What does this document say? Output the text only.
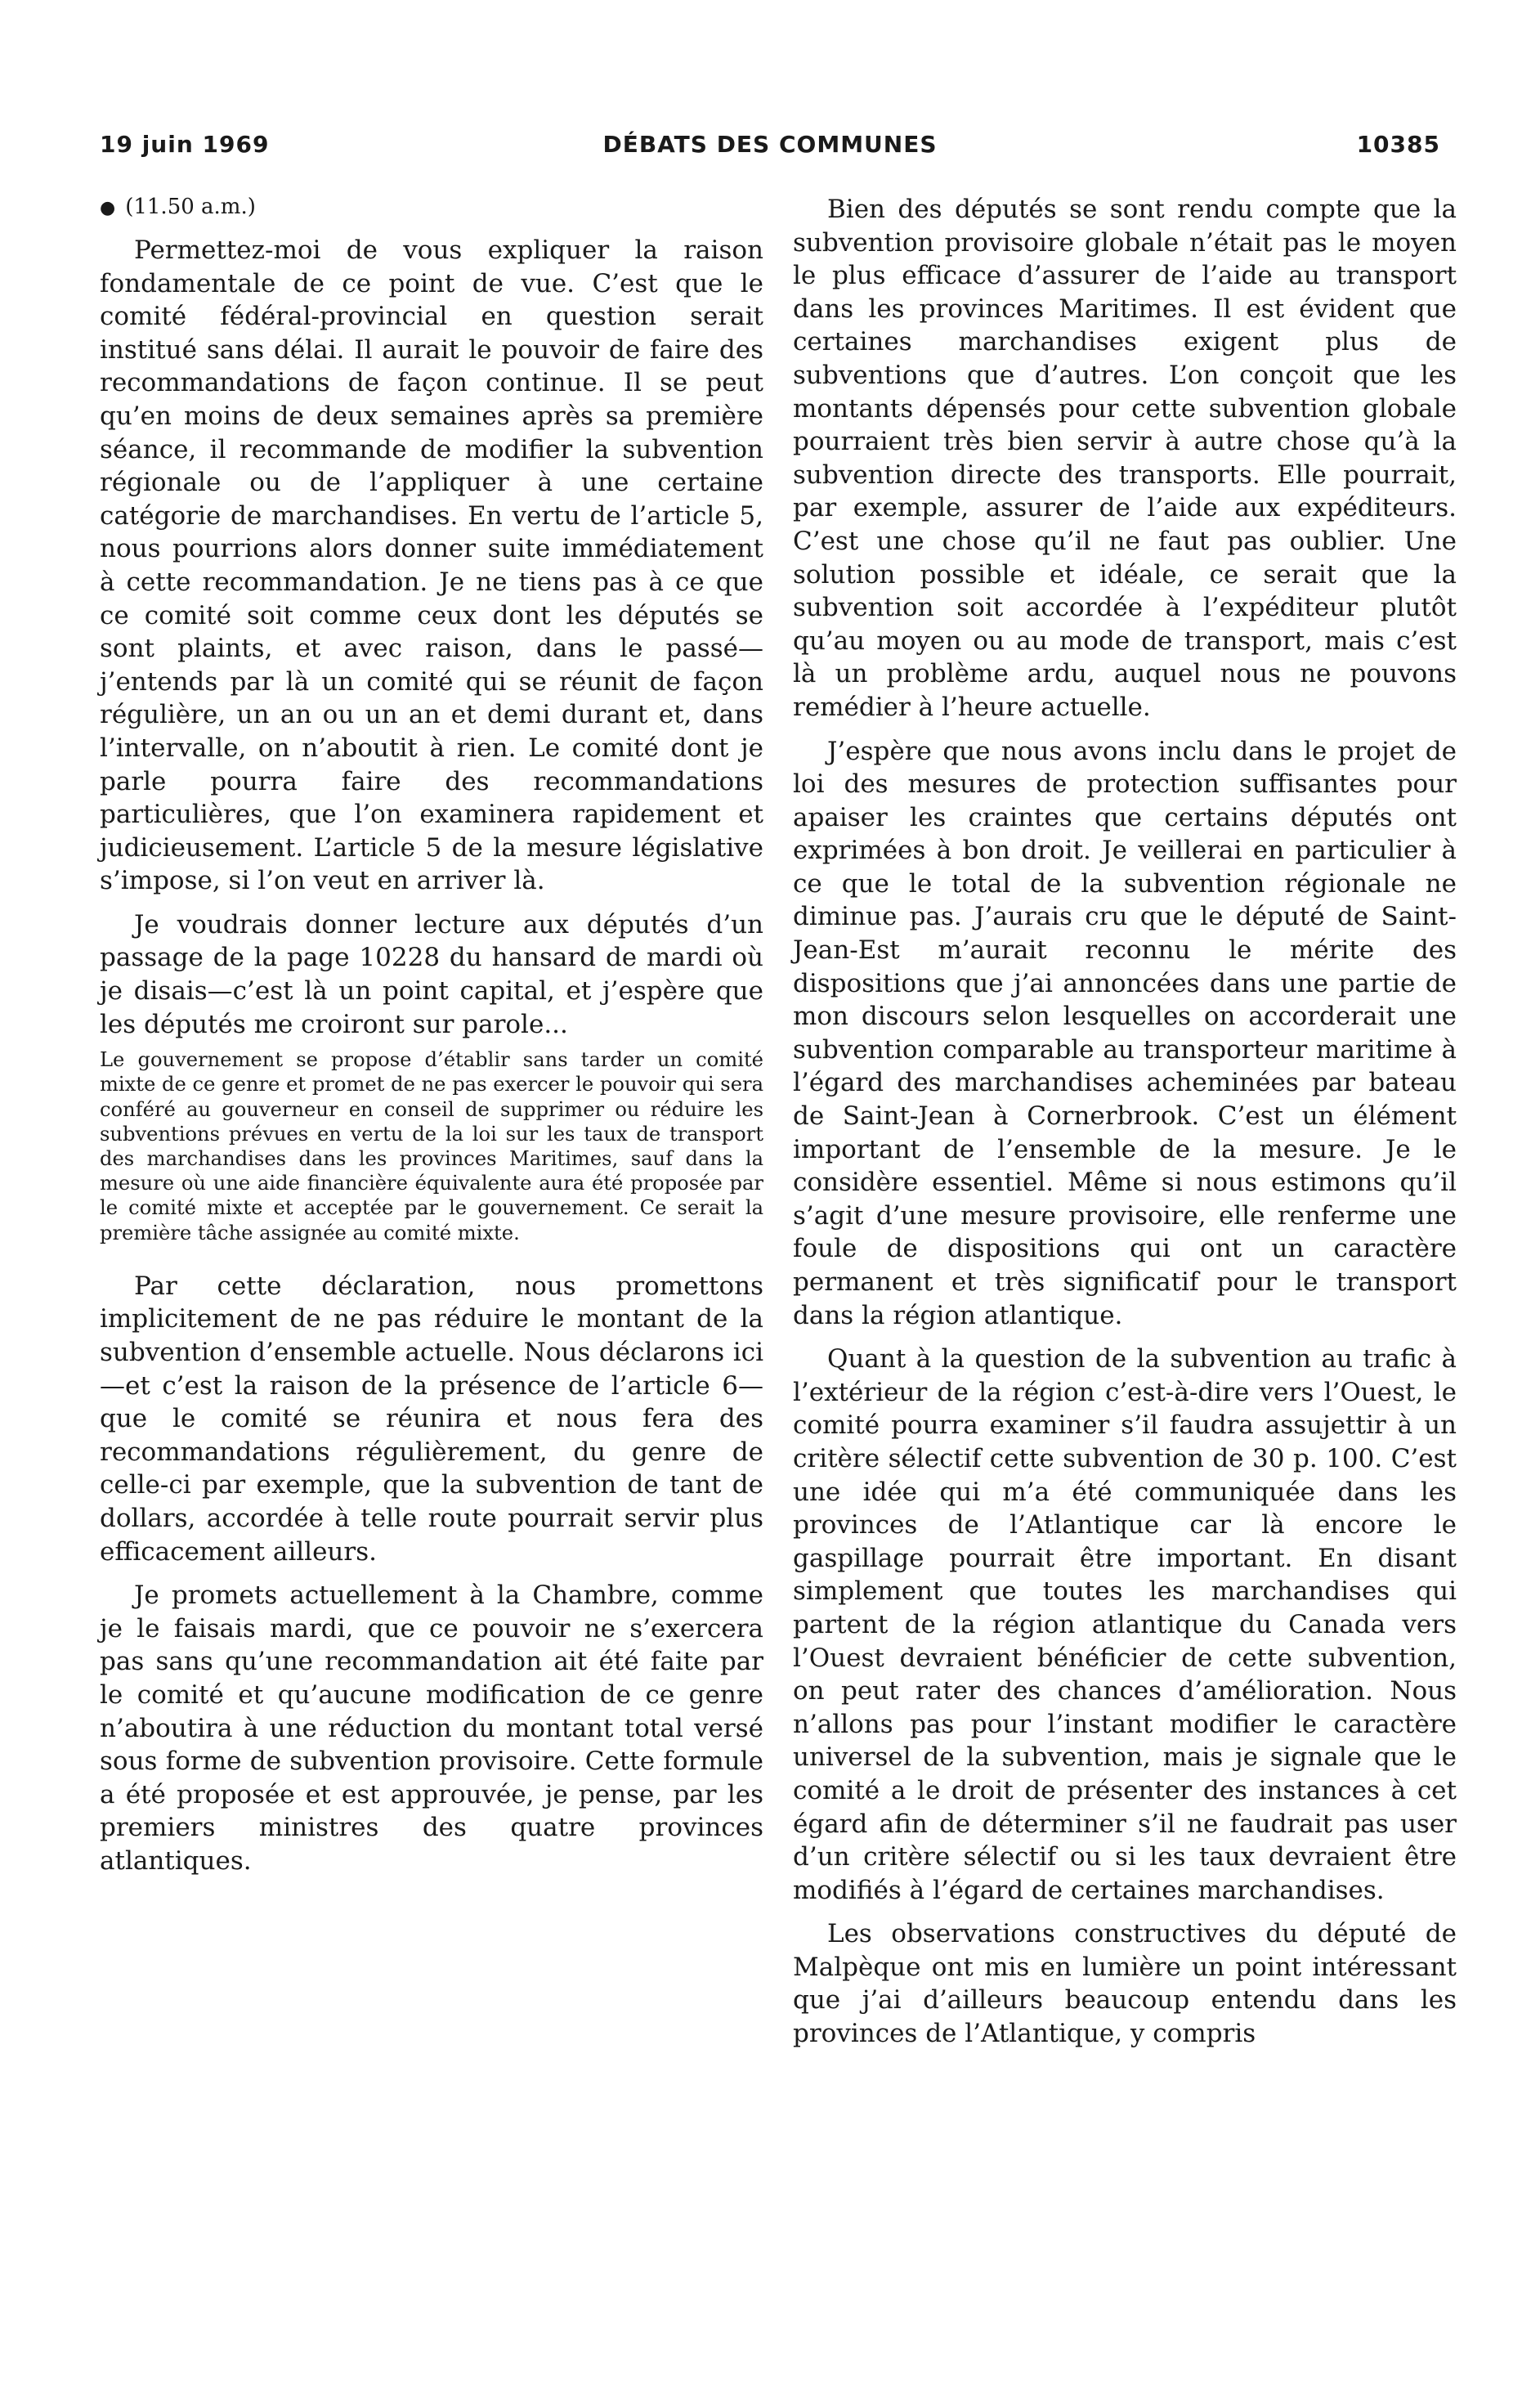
19 juin 1969	DÉBATS DES COMMUNES	10385

● (11.50 a.m.)

Permettez-moi de vous expliquer la raison fondamentale de ce point de vue. C’est que le comité fédéral-provincial en question serait institué sans délai. Il aurait le pouvoir de faire des recommandations de façon continue. Il se peut qu’en moins de deux semaines après sa première séance, il recommande de modifier la subvention régionale ou de l’appliquer à une certaine catégorie de marchandises. En vertu de l’article 5, nous pourrions alors donner suite immédiatement à cette recommandation. Je ne tiens pas à ce que ce comité soit comme ceux dont les députés se sont plaints, et avec raison, dans le passé—j’entends par là un comité qui se réunit de façon régulière, un an ou un an et demi durant et, dans l’intervalle, on n’aboutit à rien. Le comité dont je parle pourra faire des recommandations particulières, que l’on examinera rapidement et judicieusement. L’article 5 de la mesure législative s’impose, si l’on veut en arriver là.

Je voudrais donner lecture aux députés d’un passage de la page 10228 du hansard de mardi où je disais—c’est là un point capital, et j’espère que les députés me croiront sur parole...

Le gouvernement se propose d’établir sans tarder un comité mixte de ce genre et promet de ne pas exercer le pouvoir qui sera conféré au gouverneur en conseil de supprimer ou réduire les subventions prévues en vertu de la loi sur les taux de transport des marchandises dans les provinces Maritimes, sauf dans la mesure où une aide financière équivalente aura été proposée par le comité mixte et acceptée par le gouvernement. Ce serait la première tâche assignée au comité mixte.

Par cette déclaration, nous promettons implicitement de ne pas réduire le montant de la subvention d’ensemble actuelle. Nous déclarons ici—et c’est la raison de la présence de l’article 6—que le comité se réunira et nous fera des recommandations régulièrement, du genre de celle-ci par exemple, que la subvention de tant de dollars, accordée à telle route pourrait servir plus efficacement ailleurs.

Je promets actuellement à la Chambre, comme je le faisais mardi, que ce pouvoir ne s’exercera pas sans qu’une recommandation ait été faite par le comité et qu’aucune modification de ce genre n’aboutira à une réduction du montant total versé sous forme de subvention provisoire. Cette formule a été proposée et est approuvée, je pense, par les premiers ministres des quatre provinces atlantiques.

Bien des députés se sont rendu compte que la subvention provisoire globale n’était pas le moyen le plus efficace d’assurer de l’aide au transport dans les provinces Maritimes. Il est évident que certaines marchandises exigent plus de subventions que d’autres. L’on conçoit que les montants dépensés pour cette subvention globale pourraient très bien servir à autre chose qu’à la subvention directe des transports. Elle pourrait, par exemple, assurer de l’aide aux expéditeurs. C’est une chose qu’il ne faut pas oublier. Une solution possible et idéale, ce serait que la subvention soit accordée à l’expéditeur plutôt qu’au moyen ou au mode de transport, mais c’est là un problème ardu, auquel nous ne pouvons remédier à l’heure actuelle.

J’espère que nous avons inclu dans le projet de loi des mesures de protection suffisantes pour apaiser les craintes que certains députés ont exprimées à bon droit. Je veillerai en particulier à ce que le total de la subvention régionale ne diminue pas. J’aurais cru que le député de Saint-Jean-Est m’aurait reconnu le mérite des dispositions que j’ai annoncées dans une partie de mon discours selon lesquelles on accorderait une subvention comparable au transporteur maritime à l’égard des marchandises acheminées par bateau de Saint-Jean à Cornerbrook. C’est un élément important de l’ensemble de la mesure. Je le considère essentiel. Même si nous estimons qu’il s’agit d’une mesure provisoire, elle renferme une foule de dispositions qui ont un caractère permanent et très significatif pour le transport dans la région atlantique.

Quant à la question de la subvention au trafic à l’extérieur de la région c’est-à-dire vers l’Ouest, le comité pourra examiner s’il faudra assujettir à un critère sélectif cette subvention de 30 p. 100. C’est une idée qui m’a été communiquée dans les provinces de l’Atlantique car là encore le gaspillage pourrait être important. En disant simplement que toutes les marchandises qui partent de la région atlantique du Canada vers l’Ouest devraient bénéficier de cette subvention, on peut rater des chances d’amélioration. Nous n’allons pas pour l’instant modifier le caractère universel de la subvention, mais je signale que le comité a le droit de présenter des instances à cet égard afin de déterminer s’il ne faudrait pas user d’un critère sélectif ou si les taux devraient être modifiés à l’égard de certaines marchandises.

Les observations constructives du député de Malpèque ont mis en lumière un point intéressant que j’ai d’ailleurs beaucoup entendu dans les provinces de l’Atlantique, y compris
